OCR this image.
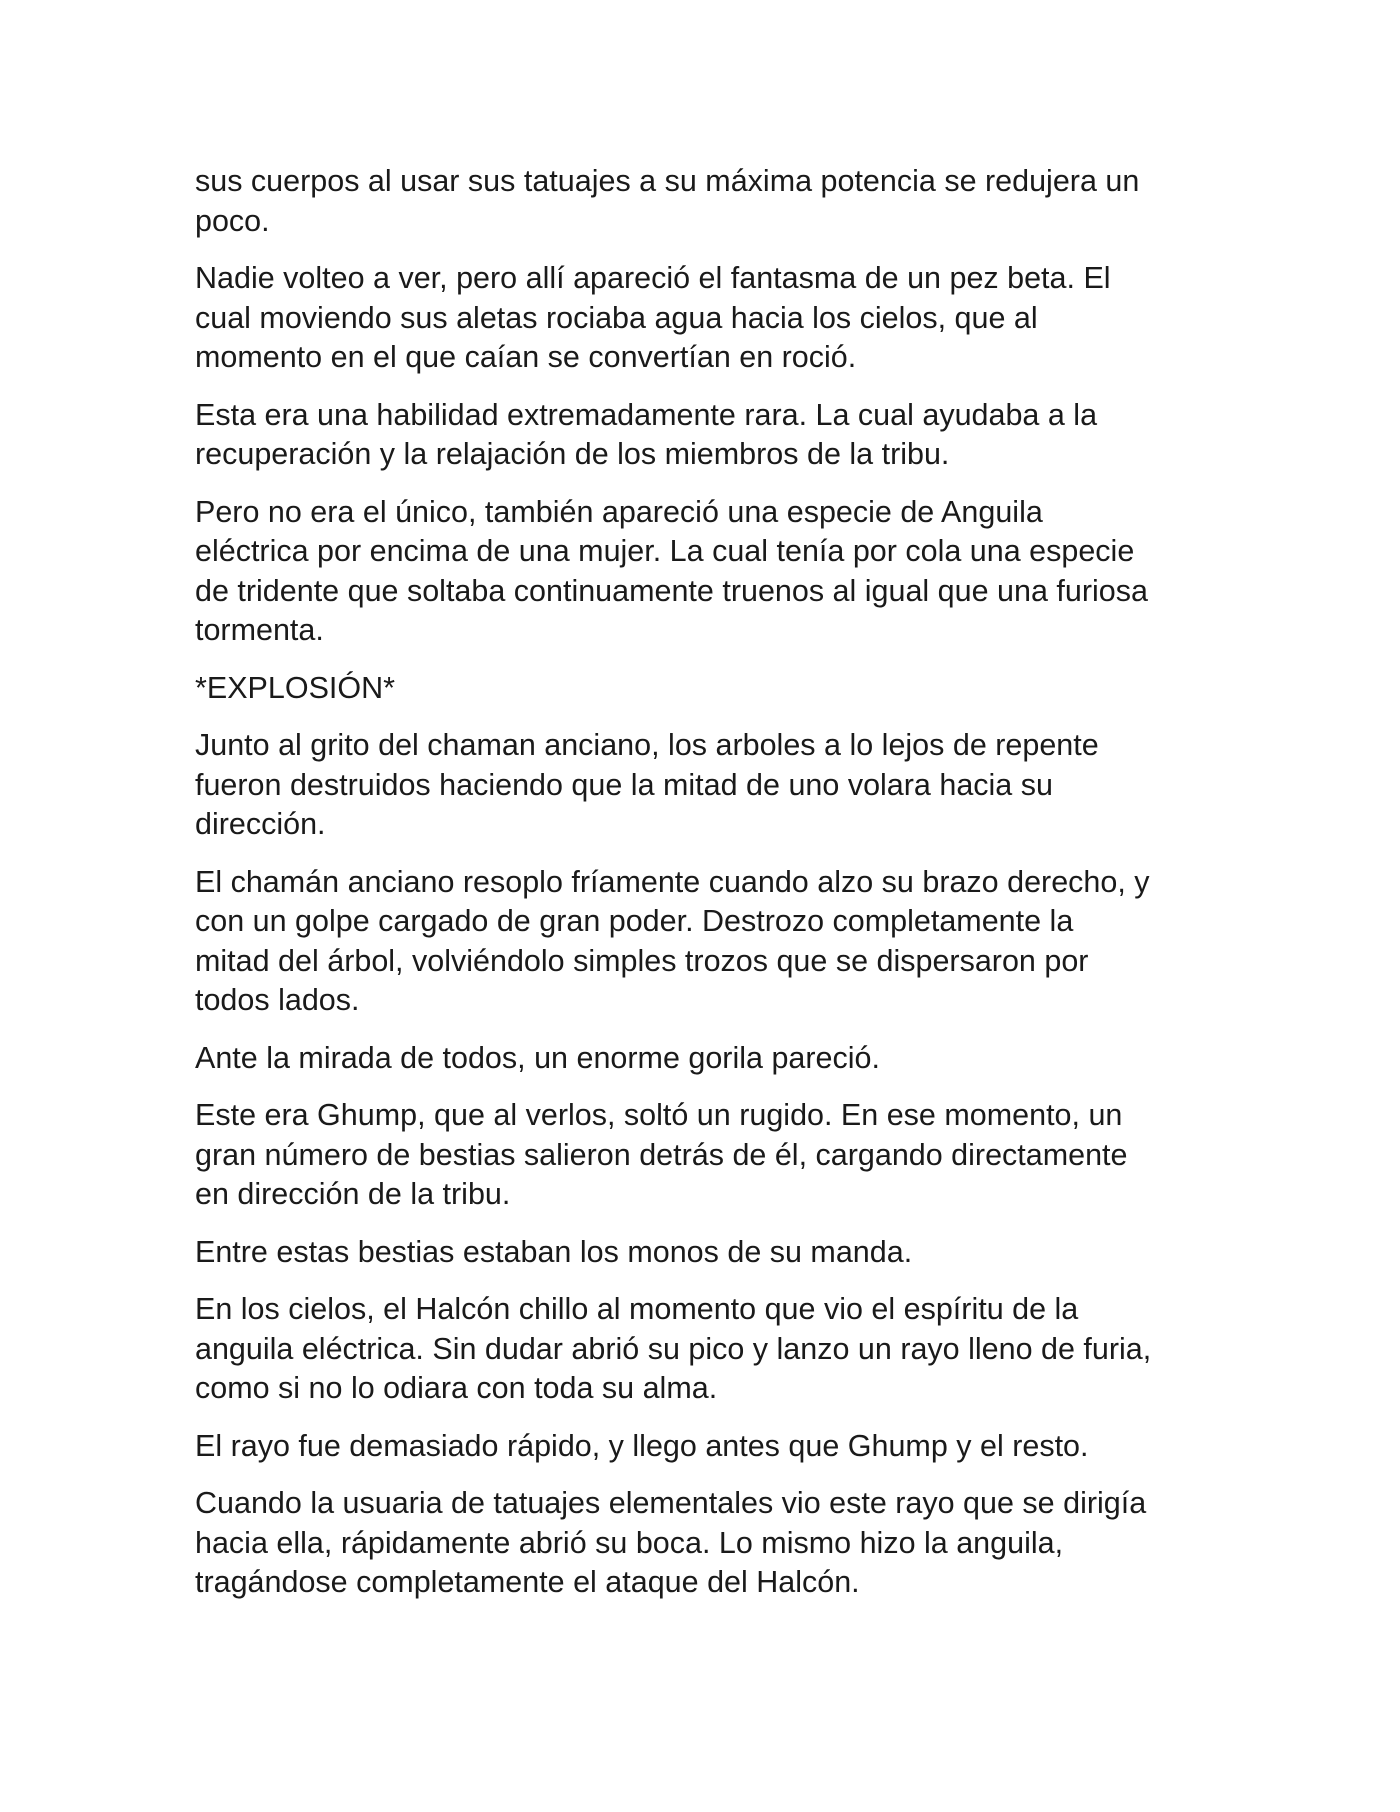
sus cuerpos al usar sus tatuajes a su máxima potencia se redujera un
poco.

Nadie volteo a ver, pero allí apareció el fantasma de un pez beta. El
cual moviendo sus aletas rociaba agua hacia los cielos, que al
momento en el que caían se convertían en roció.

Esta era una habilidad extremadamente rara. La cual ayudaba a la
recuperación y la relajación de los miembros de la tribu.

Pero no era el único, también apareció una especie de Anguila
eléctrica por encima de una mujer. La cual tenía por cola una especie
de tridente que soltaba continuamente truenos al igual que una furiosa
tormenta.

*EXPLOSIÓN*

Junto al grito del chaman anciano, los arboles a lo lejos de repente
fueron destruidos haciendo que la mitad de uno volara hacia su
dirección.

El chamán anciano resoplo fríamente cuando alzo su brazo derecho, y
con un golpe cargado de gran poder. Destrozo completamente la
mitad del árbol, volviéndolo simples trozos que se dispersaron por
todos lados.

Ante la mirada de todos, un enorme gorila pareció.

Este era Ghump, que al verlos, soltó un rugido. En ese momento, un
gran número de bestias salieron detrás de él, cargando directamente
en dirección de la tribu.

Entre estas bestias estaban los monos de su manda.

En los cielos, el Halcón chillo al momento que vio el espíritu de la
anguila eléctrica. Sin dudar abrió su pico y lanzo un rayo lleno de furia,
como si no lo odiara con toda su alma.

El rayo fue demasiado rápido, y llego antes que Ghump y el resto.

Cuando la usuaria de tatuajes elementales vio este rayo que se dirigía
hacia ella, rápidamente abrió su boca. Lo mismo hizo la anguila,
tragándose completamente el ataque del Halcón.
